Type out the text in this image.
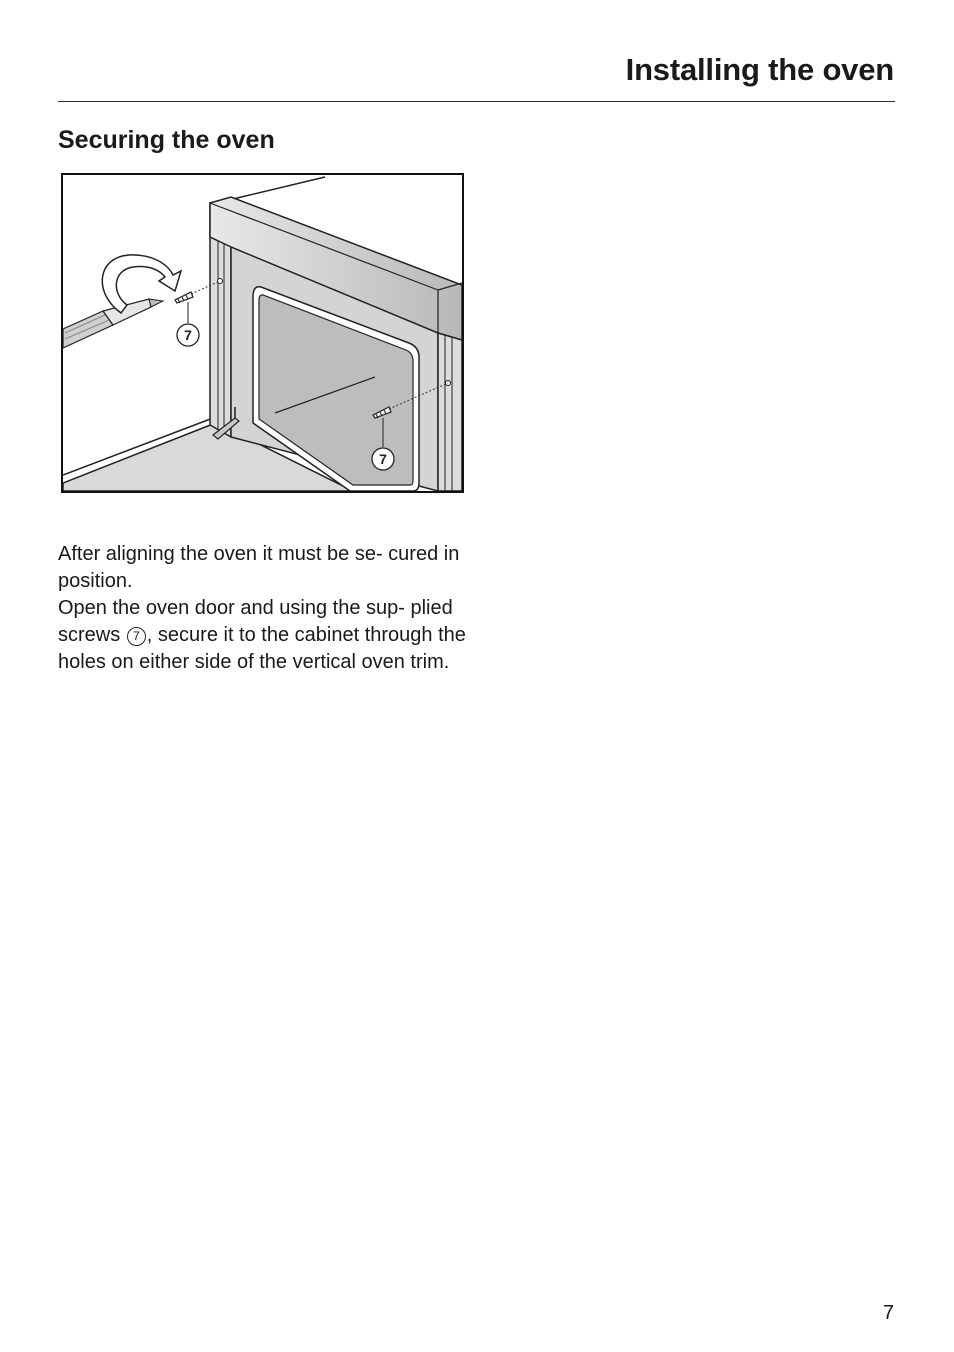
Installing the oven
Securing the oven
7
7

After aligning the oven it must be se- cured in position.

Open the oven door and using the sup- plied screws 7 , secure it to the cabinet through the holes on either side of the vertical oven trim.

7
